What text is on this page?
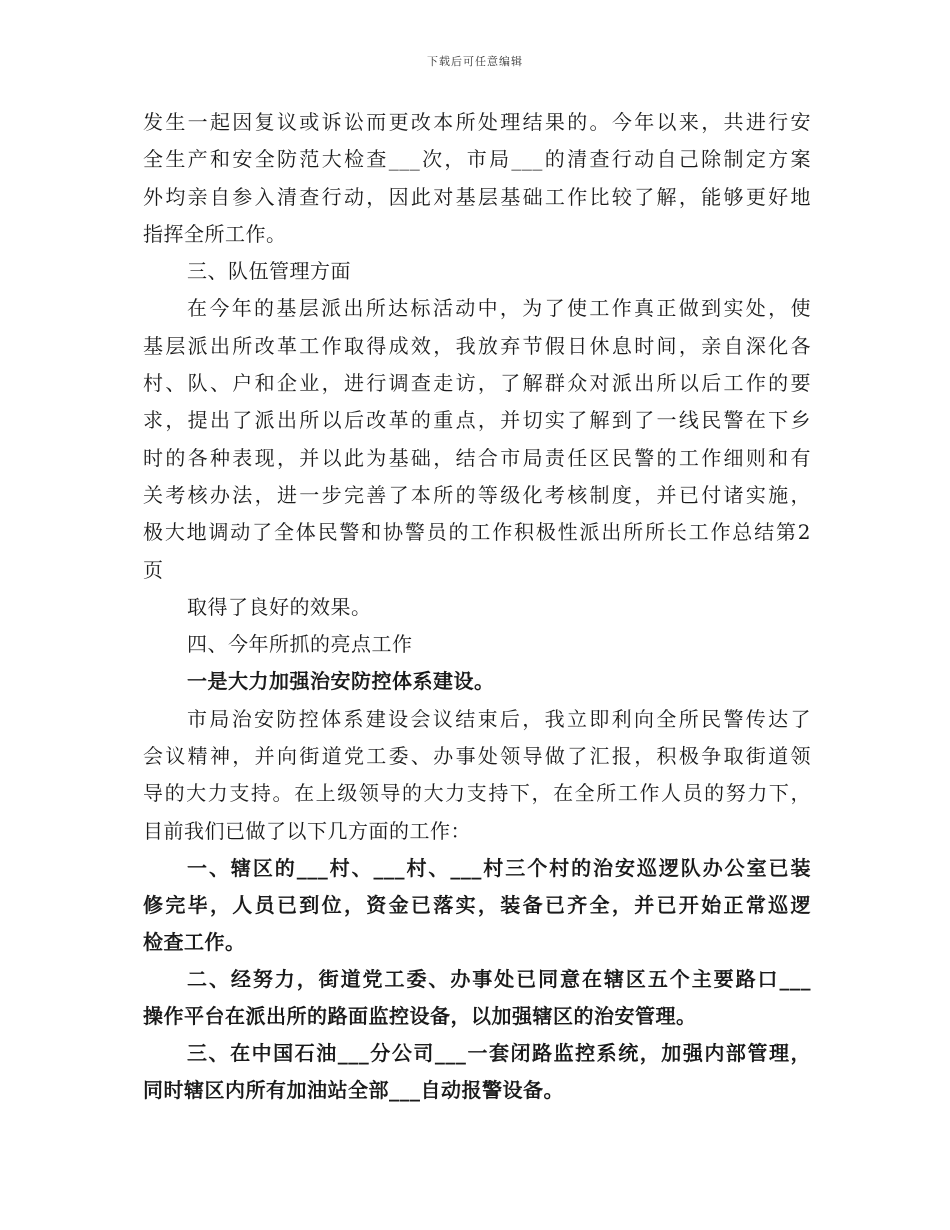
下载后可任意编辑
发生一起因复议或诉讼而更改本所处理结果的。今年以来，共进行安
全生产和安全防范大检查___次，市局___的清查行动自己除制定方案
外均亲自参入清查行动，因此对基层基础工作比较了解，能够更好地
指挥全所工作。
三、队伍管理方面
在今年的基层派出所达标活动中，为了使工作真正做到实处，使
基层派出所改革工作取得成效，我放弃节假日休息时间，亲自深化各
村、队、户和企业，进行调查走访，了解群众对派出所以后工作的要
求，提出了派出所以后改革的重点，并切实了解到了一线民警在下乡
时的各种表现，并以此为基础，结合市局责任区民警的工作细则和有
关考核办法，进一步完善了本所的等级化考核制度，并已付诸实施，
极大地调动了全体民警和协警员的工作积极性派出所所长工作总结第2
页
取得了良好的效果。
四、今年所抓的亮点工作
一是大力加强治安防控体系建设。
市局治安防控体系建设会议结束后，我立即利向全所民警传达了
会议精神，并向街道党工委、办事处领导做了汇报，积极争取街道领
导的大力支持。在上级领导的大力支持下，在全所工作人员的努力下，
目前我们已做了以下几方面的工作：
一、辖区的___村、___村、___村三个村的治安巡逻队办公室已装
修完毕，人员已到位，资金已落实，装备已齐全，并已开始正常巡逻
检查工作。
二、经努力，街道党工委、办事处已同意在辖区五个主要路口___
操作平台在派出所的路面监控设备，以加强辖区的治安管理。
三、在中国石油___分公司___一套闭路监控系统，加强内部管理，
同时辖区内所有加油站全部___自动报警设备。
